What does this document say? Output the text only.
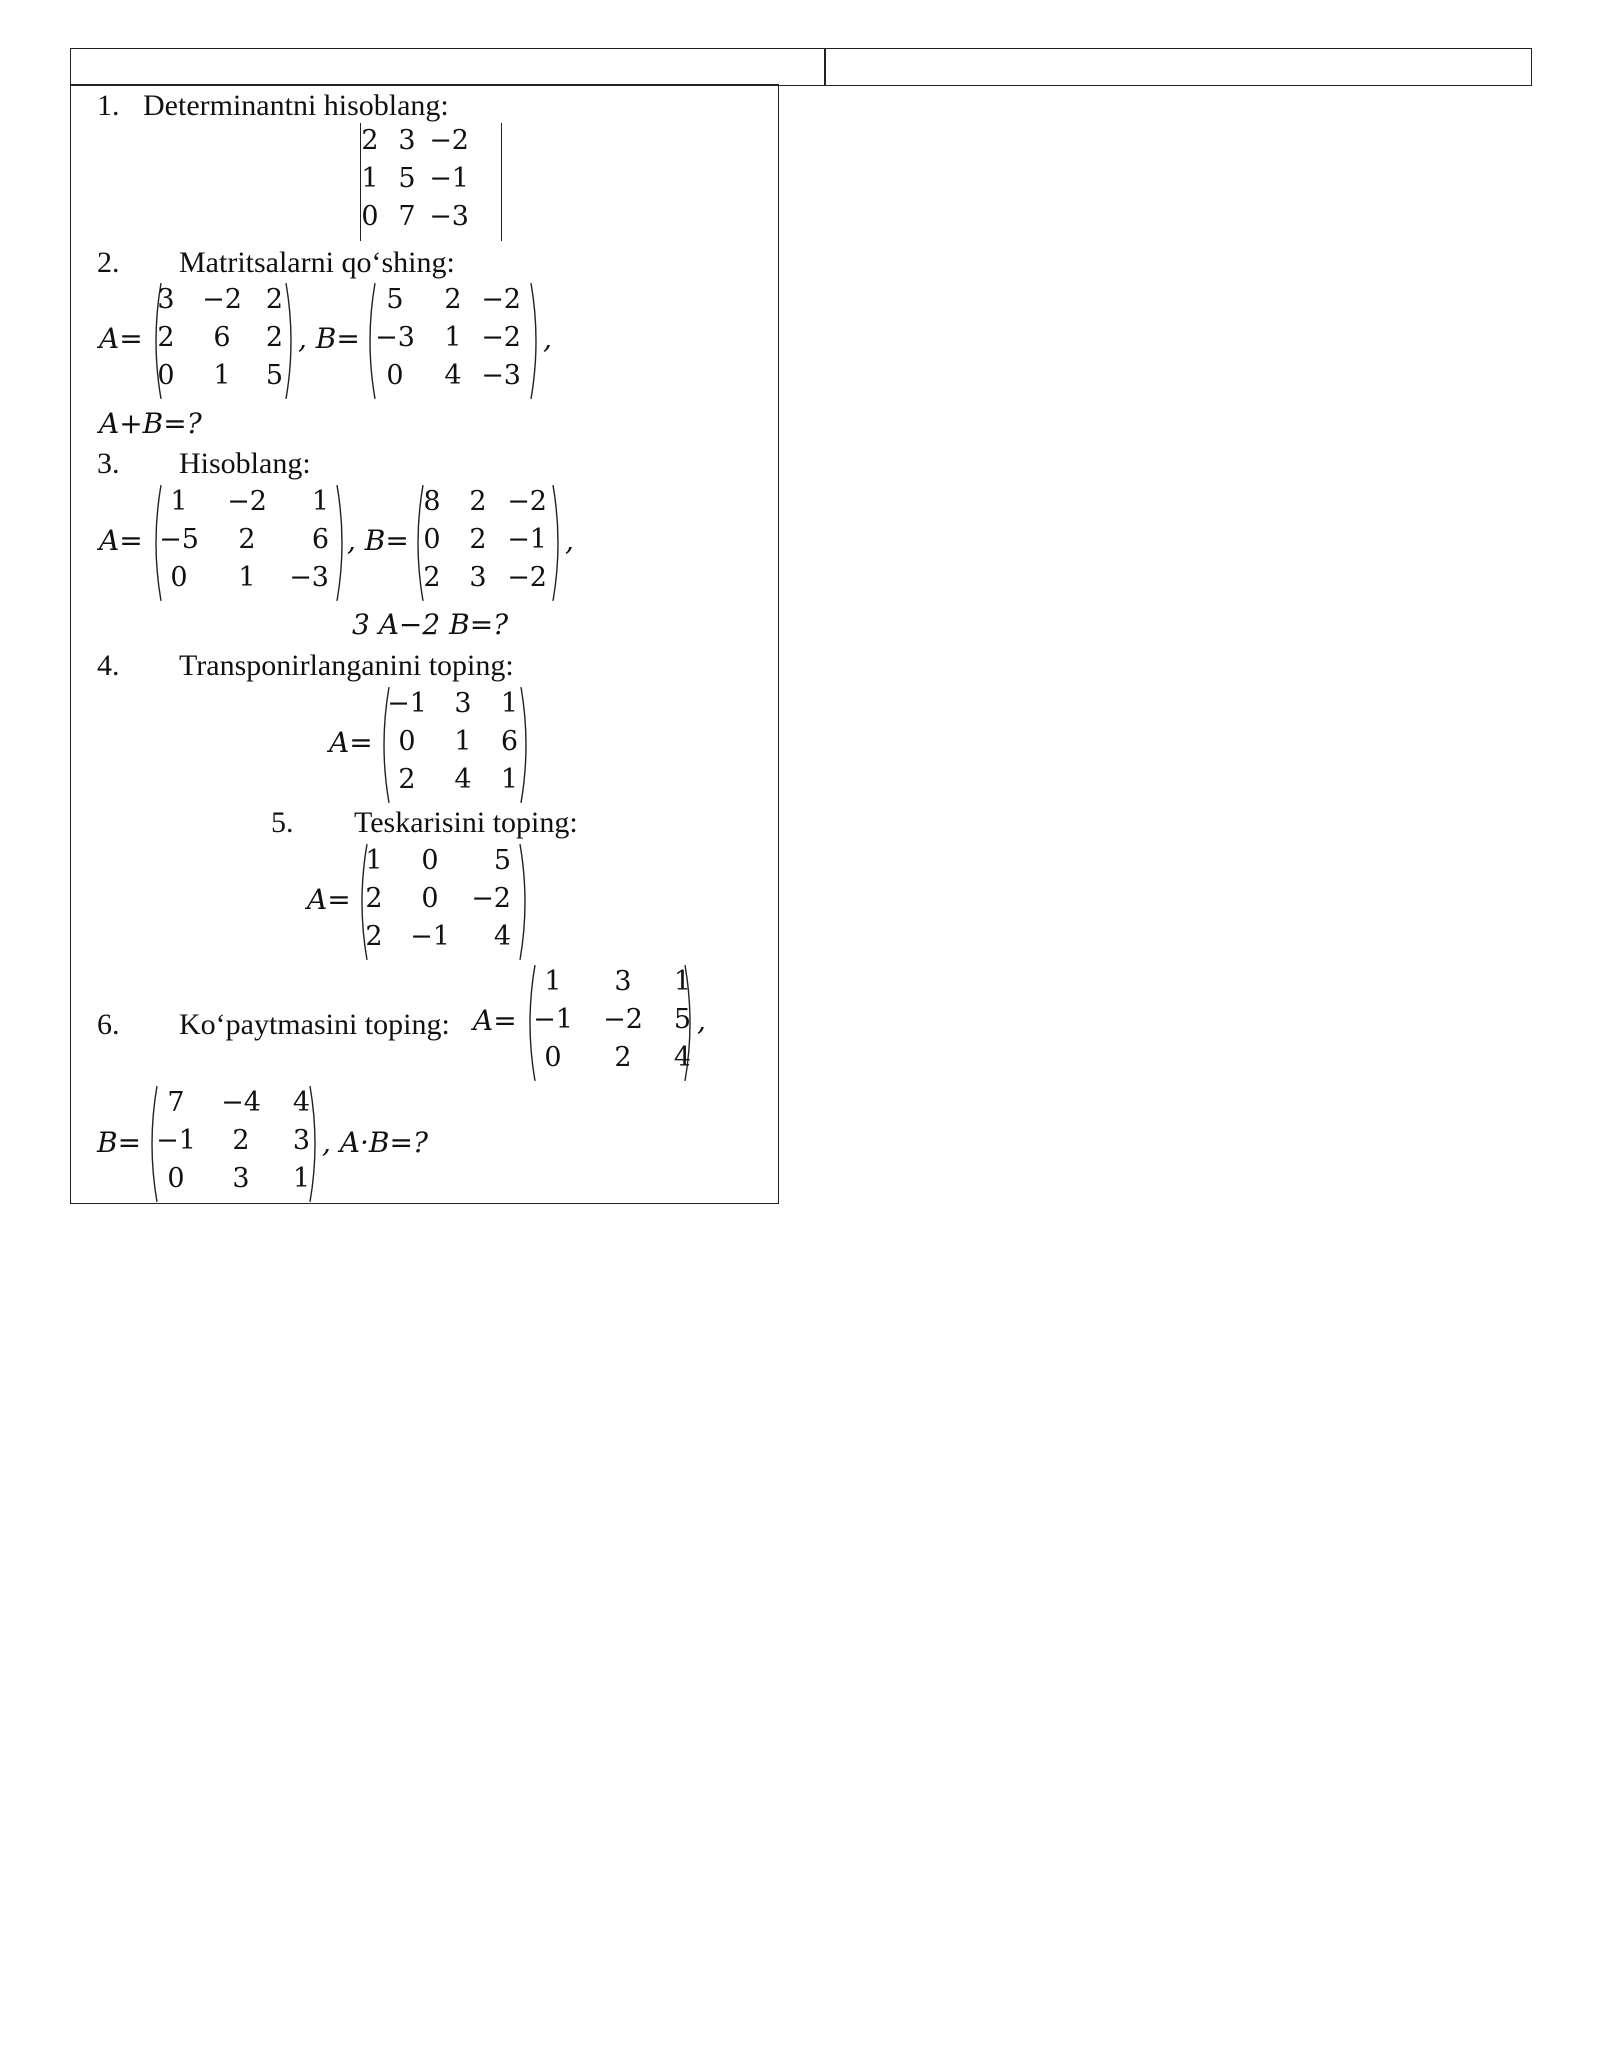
1. Determinantni hisoblang:
2 3 −2
1 5 −1
0 7 −3
2. Matritsalarni qo‘shing:
A=
3 −2 2
2 6 2
0 1 5
, B=
5 2 −2
−3 1 −2
0 4 −3
,
A+B=?
3. Hisoblang:
A=
1 −2 1
−5 2 6
0 1 −3
, B=
8 2 −2
0 2 −1
2 3 −2
,
3 A−2 B=?
4. Transponirlanganini toping:
A=
−1 3 1
0 1 6
2 4 1
5. Teskarisini toping:
A=
1 0 5
2 0 −2
2 −1 4
6. Ko‘paytmasini toping: A=
1 3 1
−1 −2 5
0 2 4
,
B=
7 −4 4
−1 2 3
0 3 1
, A·B=?
